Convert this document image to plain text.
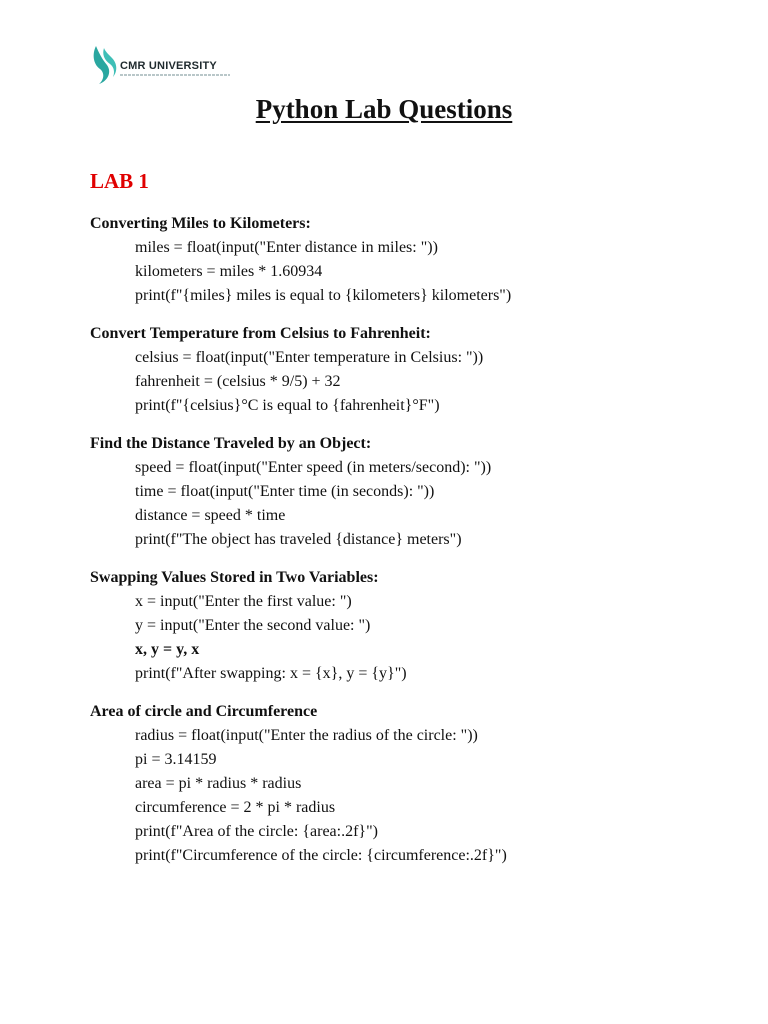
CMR UNIVERSITY
Python Lab Questions
LAB 1
Converting Miles to Kilometers:
miles = float(input("Enter distance in miles: "))
kilometers = miles * 1.60934
print(f"{miles} miles is equal to {kilometers} kilometers")
Convert Temperature from Celsius to Fahrenheit:
celsius = float(input("Enter temperature in Celsius: "))
fahrenheit = (celsius * 9/5) + 32
print(f"{celsius}°C is equal to {fahrenheit}°F")
Find the Distance Traveled by an Object:
speed = float(input("Enter speed (in meters/second): "))
time = float(input("Enter time (in seconds): "))
distance = speed * time
print(f"The object has traveled {distance} meters")
Swapping Values Stored in Two Variables:
x = input("Enter the first value: ")
y = input("Enter the second value: ")
x, y = y, x
print(f"After swapping: x = {x}, y = {y}")
Area of circle and Circumference
radius = float(input("Enter the radius of the circle: "))
pi = 3.14159
area = pi * radius * radius
circumference = 2 * pi * radius
print(f"Area of the circle: {area:.2f}")
print(f"Circumference of the circle: {circumference:.2f}")
